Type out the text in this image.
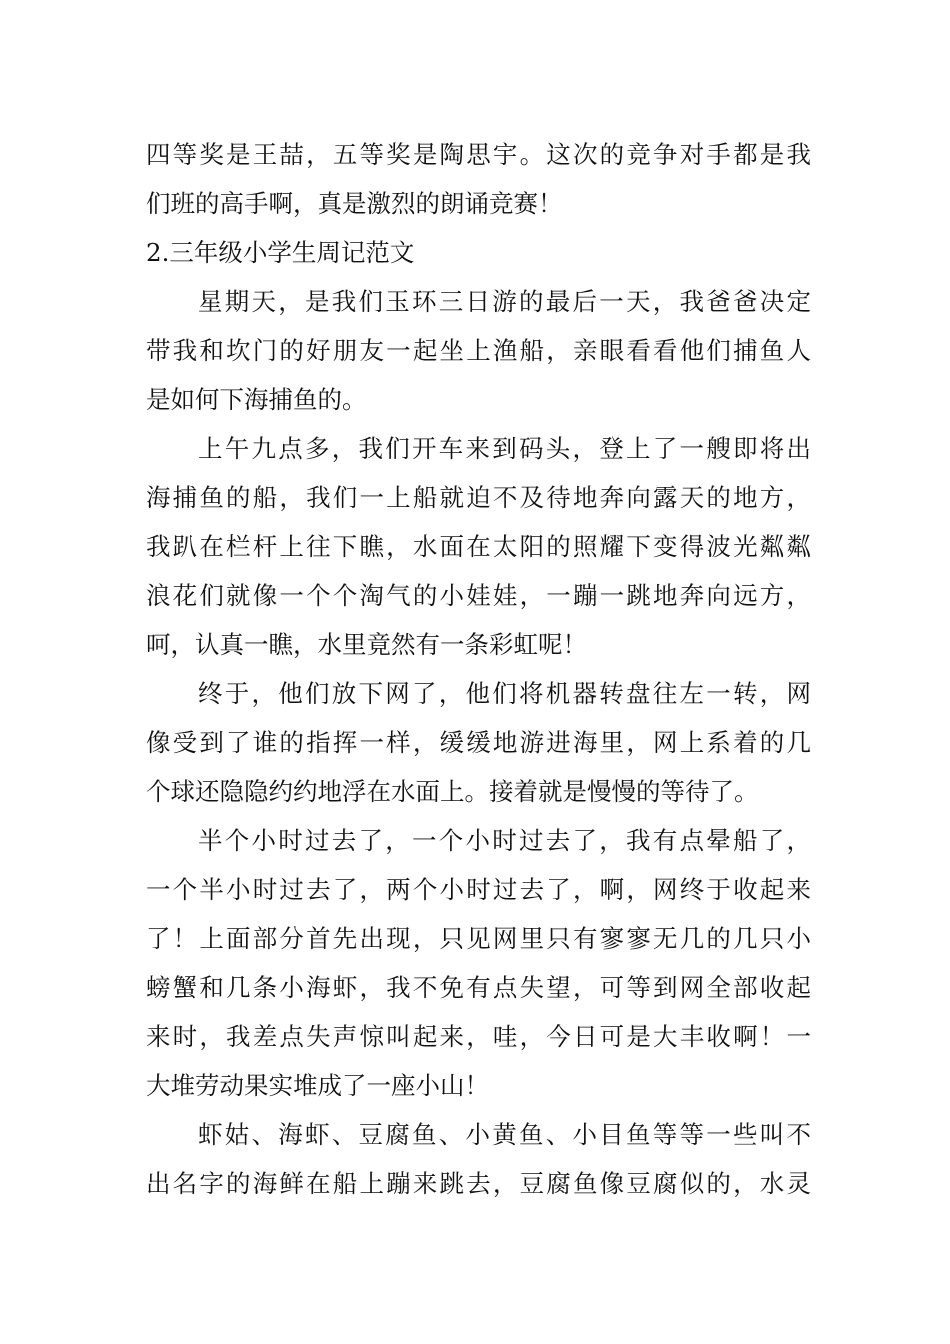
四等奖是王喆，五等奖是陶思宇。这次的竞争对手都是我
们班的高手啊，真是激烈的朗诵竞赛！
2.三年级小学生周记范文
星期天，是我们玉环三日游的最后一天，我爸爸决定
带我和坎门的好朋友一起坐上渔船，亲眼看看他们捕鱼人
是如何下海捕鱼的。
上午九点多，我们开车来到码头，登上了一艘即将出
海捕鱼的船，我们一上船就迫不及待地奔向露天的地方，
我趴在栏杆上往下瞧，水面在太阳的照耀下变得波光粼粼
浪花们就像一个个淘气的小娃娃，一蹦一跳地奔向远方，
呵，认真一瞧，水里竟然有一条彩虹呢！
终于，他们放下网了，他们将机器转盘往左一转，网
像受到了谁的指挥一样，缓缓地游进海里，网上系着的几
个球还隐隐约约地浮在水面上。接着就是慢慢的等待了。
半个小时过去了，一个小时过去了，我有点晕船了，
一个半小时过去了，两个小时过去了，啊，网终于收起来
了！上面部分首先出现，只见网里只有寥寥无几的几只小
螃蟹和几条小海虾，我不免有点失望，可等到网全部收起
来时，我差点失声惊叫起来，哇，今日可是大丰收啊！一
大堆劳动果实堆成了一座小山！
虾姑、海虾、豆腐鱼、小黄鱼、小目鱼等等一些叫不
出名字的海鲜在船上蹦来跳去，豆腐鱼像豆腐似的，水灵
